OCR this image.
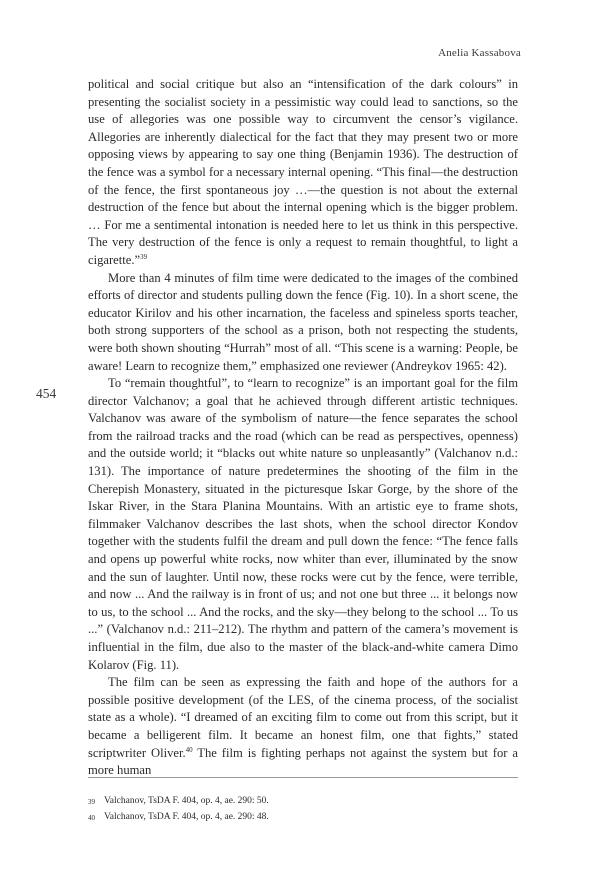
Anelia Kassabova
454

political and social critique but also an “intensification of the dark colours” in presenting the socialist society in a pessimistic way could lead to sanctions, so the use of allegories was one possible way to circumvent the censor’s vigilance. Allegories are inherently dialectical for the fact that they may present two or more opposing views by appearing to say one thing (Benjamin 1936). The destruction of the fence was a symbol for a necessary internal opening. “This final—the destruction of the fence, the first spontaneous joy …—the question is not about the external destruction of the fence but about the internal opening which is the bigger problem. … For me a sentimental intonation is needed here to let us think in this perspective. The very destruction of the fence is only a request to remain thoughtful, to light a cigarette.”$^{39}$

More than 4 minutes of film time were dedicated to the images of the combined efforts of director and students pulling down the fence (Fig. 10). In a short scene, the educator Kirilov and his other incarnation, the faceless and spineless sports teacher, both strong supporters of the school as a prison, both not respecting the students, were both shown shouting “Hurrah” most of all. “This scene is a warning: People, be aware! Learn to recognize them,” emphasized one reviewer (Andreykov 1965: 42).

To “remain thoughtful”, to “learn to recognize” is an important goal for the film director Valchanov; a goal that he achieved through different artistic techniques. Valchanov was aware of the symbolism of nature—the fence separates the school from the railroad tracks and the road (which can be read as perspectives, openness) and the outside world; it “blacks out white nature so unpleasantly” (Valchanov n.d.: 131). The importance of nature predetermines the shooting of the film in the Cherepish Monastery, situated in the picturesque Iskar Gorge, by the shore of the Iskar River, in the Stara Planina Mountains. With an artistic eye to frame shots, filmmaker Valchanov describes the last shots, when the school director Kondov together with the students fulfil the dream and pull down the fence: “The fence falls and opens up powerful white rocks, now whiter than ever, illuminated by the snow and the sun of laughter. Until now, these rocks were cut by the fence, were terrible, and now ... And the railway is in front of us; and not one but three ... it belongs now to us, to the school ... And the rocks, and the sky—they belong to the school ... To us ...” (Valchanov n.d.: 211–212). The rhythm and pattern of the camera’s movement is influential in the film, due also to the master of the black-and-white camera Dimo Kolarov (Fig. 11).

The film can be seen as expressing the faith and hope of the authors for a possible positive development (of the LES, of the cinema process, of the socialist state as a whole). “I dreamed of an exciting film to come out from this script, but it became a belligerent film. It became an honest film, one that fights,” stated scriptwriter Oliver.$^{40}$ The film is fighting perhaps not against the system but for a more human

39 Valchanov, TsDA F. 404, op. 4, ae. 290: 50.
40 Valchanov, TsDA F. 404, op. 4, ae. 290: 48.
